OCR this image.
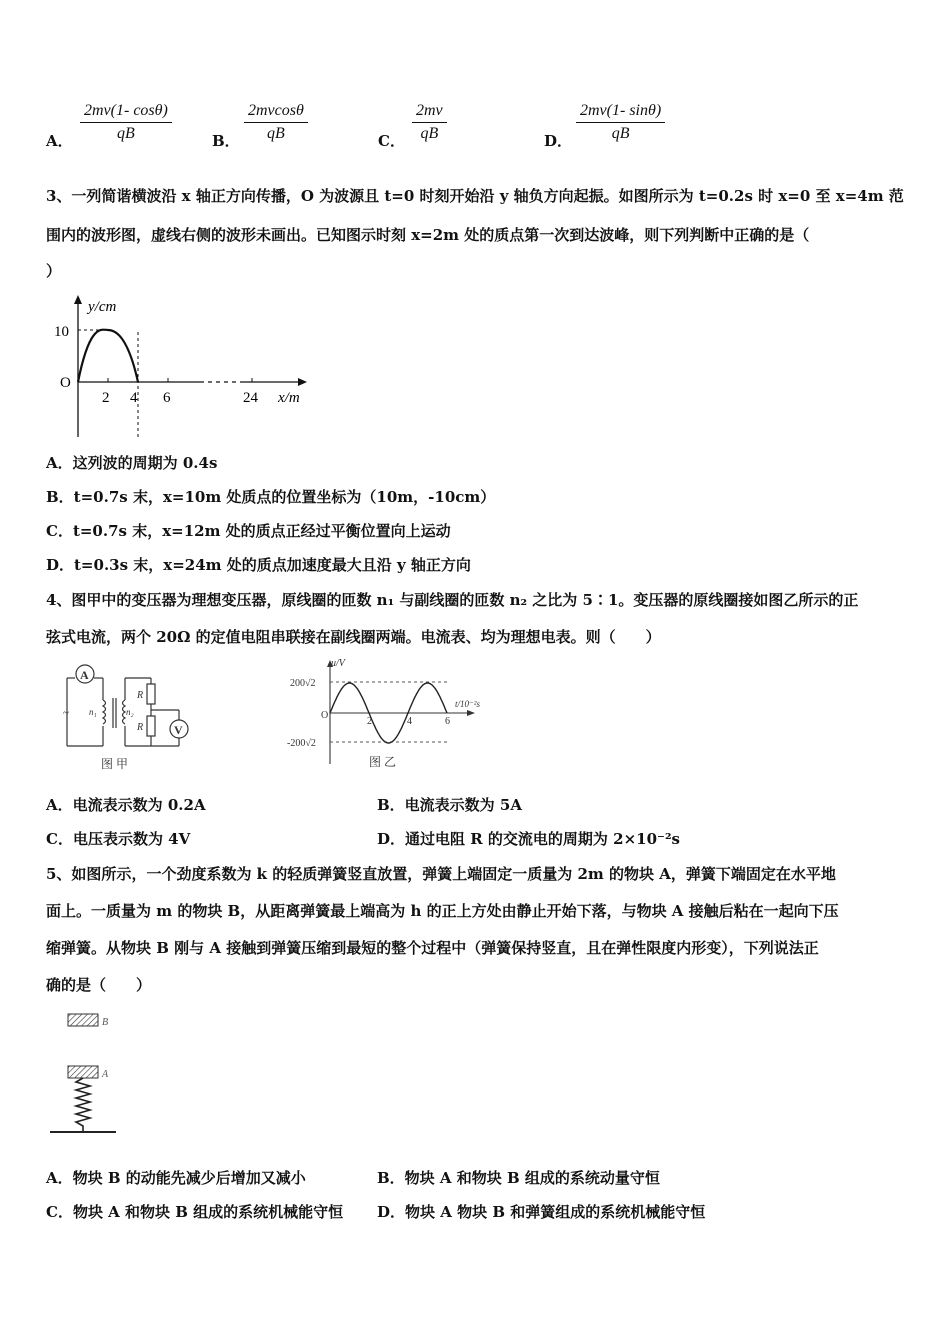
A． $\frac{2mv(1- \cos\theta)}{qB}$	B． $\frac{2mvcos\theta}{qB}$	C． $\frac{2mv}{qB}$	D． $\frac{2mv(1- \sin\theta)}{qB}$
3、一列简谐横波沿 x 轴正方向传播，O 为波源且 t=0 时刻开始沿 y 轴负方向起振。如图所示为 t=0.2s 时 x=0 至 x=4m 范
围内的波形图，虚线右侧的波形未画出。已知图示时刻 x=2m 处的质点第一次到达波峰，则下列判断中正确的是（
）
y/cm
10
O
2 4 6	24 x/m
A．这列波的周期为 0.4s
B．t=0.7s 末，x=10m 处质点的位置坐标为（10m，-10cm）
C．t=0.7s 末，x=12m 处的质点正经过平衡位置向上运动
D．t=0.3s 末，x=24m 处的质点加速度最大且沿 y 轴正方向
4、图甲中的变压器为理想变压器，原线圈的匝数 n₁ 与副线圈的匝数 n₂ 之比为 5∶1。变压器的原线圈接如图乙所示的正
弦式电流，两个 20Ω 的定值电阻串联接在副线圈两端。电流表、均为理想电表。则（　　）
~
A
V
n₁	n₂
R
R
图 甲
u/V
t/10⁻²s
200√2
-200√2
O
2	4	6
图 乙
A．电流表示数为 0.2A	B．电流表示数为 5A
C．电压表示数为 4V	D．通过电阻 R 的交流电的周期为 2×10⁻²s
5、如图所示，一个劲度系数为 k 的轻质弹簧竖直放置，弹簧上端固定一质量为 2m 的物块 A，弹簧下端固定在水平地
面上。一质量为 m 的物块 B，从距离弹簧最上端高为 h 的正上方处由静止开始下落，与物块 A 接触后粘在一起向下压
缩弹簧。从物块 B 刚与 A 接触到弹簧压缩到最短的整个过程中（弹簧保持竖直，且在弹性限度内形变），下列说法正
确的是（　　）
B
A
A．物块 B 的动能先减少后增加又减小	B．物块 A 和物块 B 组成的系统动量守恒
C．物块 A 和物块 B 组成的系统机械能守恒 D．物块 A 物块 B 和弹簧组成的系统机械能守恒
